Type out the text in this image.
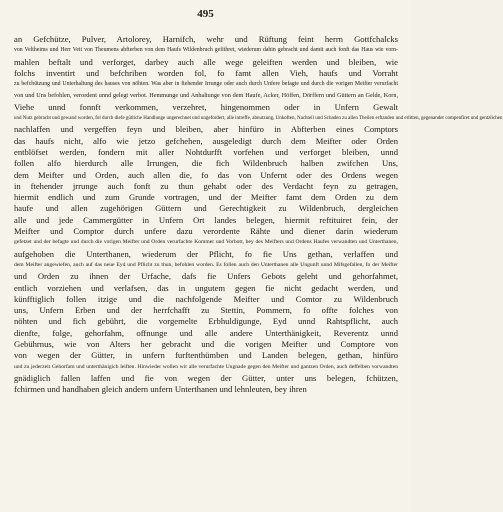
495
an Gefchütze, Pulver, Artolorey, Harnifch, wehr und Rüftung feint herrn Gottfchalcks
von Veltheims und Herr Veit von Theumens abfterben von dem Haufs Wildenbruch gefithret, wiederum dahin gebracht und damit auch fonft das Haus wie vorn-
mahlen beftalt und verforget, darbey auch alle wege geleiften werden und bleiben, wie
folchs inventirt und befchriben worden fol, fo famt allen Vieh, haufs und Vorraht
zu befchützung und Unterhaltung des hauses von nöhten. Was aber in ftehender Irrunge oder auch durch Unfere befagte und durch die vorigen Meifter verurfacht
von und Uns befohlen, verordent unnd gelegt verbot. Hemmunge und Anhaltunge von dem Haufe, Acker, Höffen, Dörffern und Güttern an Gelde, Korn,
Viehe unnd fonnft verkommen, verzehret, hingenommen oder in Unfern Gewalt
und Nutz gebracht und gewand worden, fol durch diefe gütliche Handlunge ungerechnet und ungefordert, alle intreffe, abnutzung, Unkoften, Nachteil und Schaden zu allen Theilen erftanden und erlitten, gegenander compenfiret und gentzlichen
nachlaffen und vergeffen feyn und bleiben, aber hinfüro in Abfterben eines Comptors
das haufs nicht, alfo wie jetzo gefchehen, ausgeledigt durch dem Meifter oder Orden
entblöfset werden, fondern mit aller Nohtdurfft vorfehen und verforget bleiben, unnd
follen alfo hierdurch alle Irrungen, die fich Wildenbruch halben zwifchen Uns,
dem Meifter und Orden, auch allen die, fo das von Unfernt oder des Ordens wegen
in ftehender jrrunge auch fonft zu thun gehabt oder des Verdacht feyn zu getragen,
hiermit endlich und zum Grunde vortragen, und der Meifter famt dem Orden zu dem
haufe und allen zugehörigen Güttern und Gerechtigkeit zu Wildenbruch, dergleichen
alle und jede Cammergütter in Unfern Ort landes belegen, hiermit reftituiret fein, der
Meifter und Comptor durch unfere dazu verordente Rähte und diener darin wiederum
gefetzet und der befagte und durch die vorigen Meifter und Orden verurfachte Kommer und Vorbott, bey des Meifters und Ordens Haufes verwandten und Unterthanen,
aufgehoben die Unterthanen, wiederum der Pflicht, fo fie Uns gethan, verlaffen und
dem Meifter angewiefen, auch auf das neue Eyd und Pflicht zu thun, befohlen worden. Es follen auch den Unterthanen alle Ungunft unnd Mifsgefallen, fo der Meifter
und Orden zu ihnen der Urfache, dafs fie Unfers Gebots geleht und gehorfahmet,
entlich vorziehen und verlafsen, das in ungutem gegen fie nicht gedacht werden, und
künfftiglich follen itzige und die nachfolgende Meifter und Comtor zu Wildenbruch
uns, Unfern Erben und der herrfchafft zu Stettin, Pommern, fo offte folches von
nöhten und fich gebührt, die vorgemelte Erbhuldigunge, Eyd unnd Rahtspflicht, auch
dienfte, folge, gehorfahm, offnunge und alle andere Unterthänigkeit, Reverentz unnd
Gebührnus, wie von Alters her gebracht und die vorigen Meifter und Comptore von
von wegen der Gütter, in unfern furftenthümben und Landen belegen, gethan, hinfüro
und zu jederzeit Gehorfam und unterthänigich leiften. Hinwieder wollen wir alle verurfachte Ungnade gegen den Meifter und gantzen Orden, auch deffelben vorwandten
gnädiglich fallen laffen und fie von wegen der Gütter, unter uns belegen, fchützen,
fchirmen und handhaben gleich andern unfern Unterthanen und lehnleuten, bey ihren
